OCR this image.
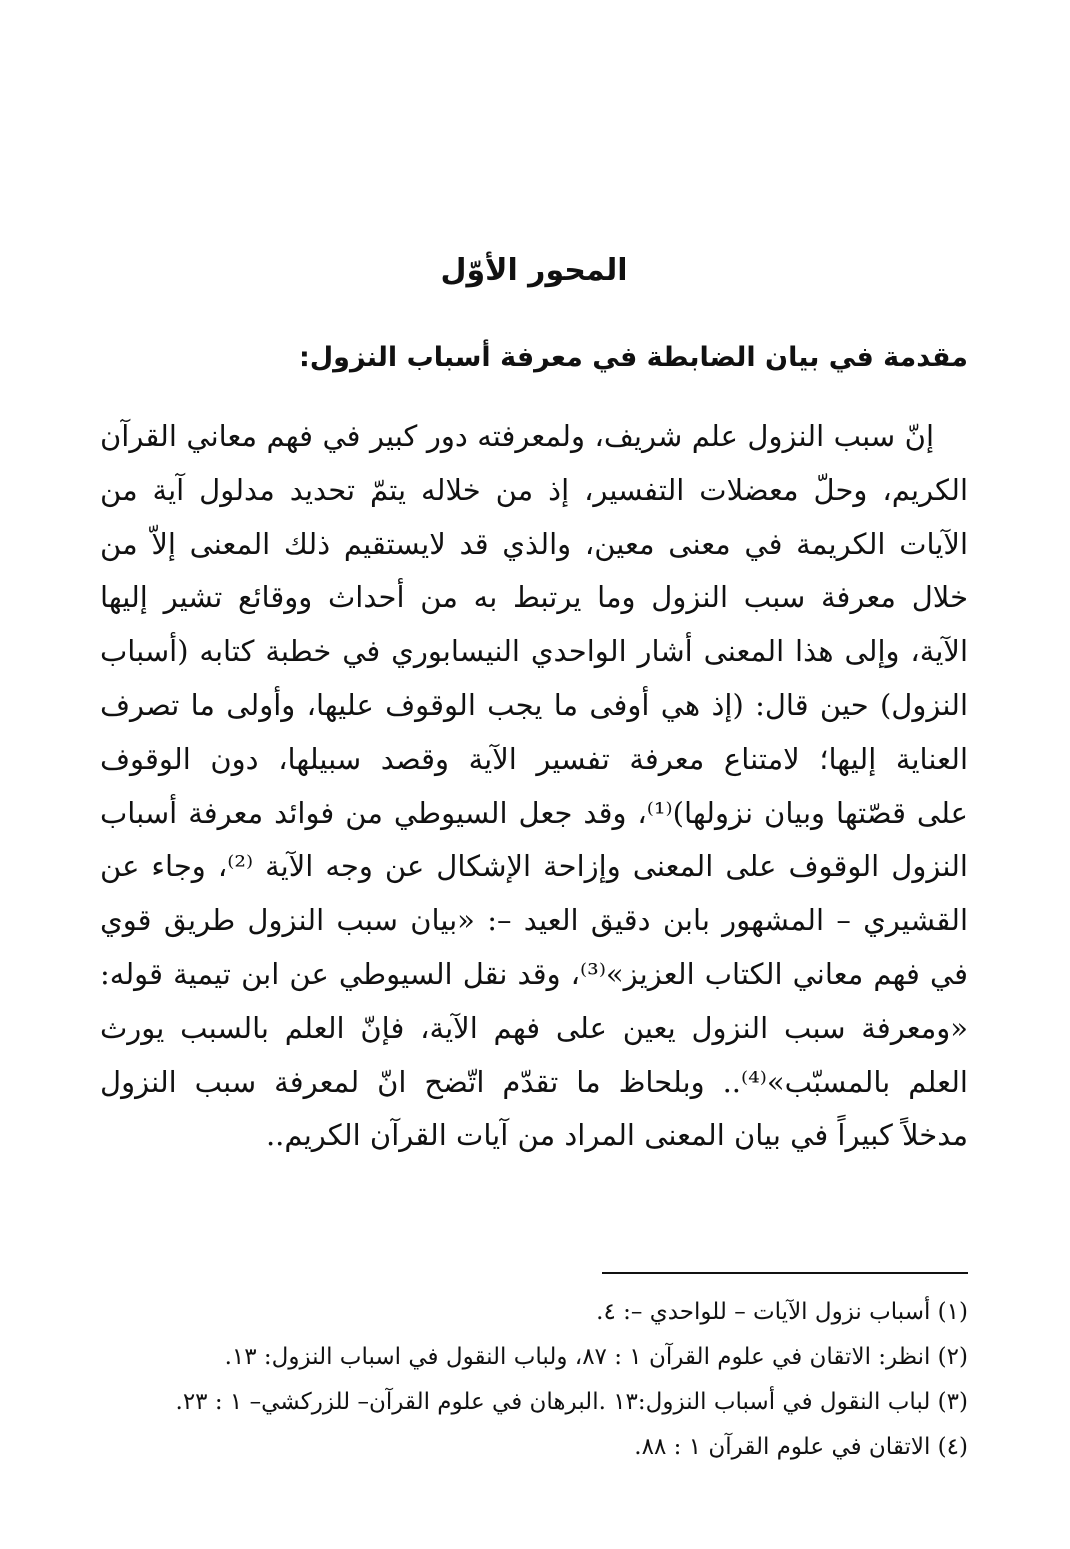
المحور الأوّل
مقدمة في بيان الضابطة في معرفة أسباب النزول:
إنّ سبب النزول علم شريف، ولمعرفته دور كبير في فهم معاني القرآن
الكريم، وحلّ معضلات التفسير، إذ من خلاله يتمّ تحديد مدلول آية من
الآيات الكريمة في معنى معين، والذي قد لايستقيم ذلك المعنى إلاّ من
خلال معرفة سبب النزول وما يرتبط به من أحداث ووقائع تشير إليها
الآية، وإلى هذا المعنى أشار الواحدي النيسابوري في خطبة كتابه (أسباب
النزول) حين قال: (إذ هي أوفى ما يجب الوقوف عليها، وأولى ما تصرف
العناية إليها؛ لامتناع معرفة تفسير الآية وقصد سبيلها، دون الوقوف
على قصّتها وبيان نزولها)⁽¹⁾، وقد جعل السيوطي من فوائد معرفة أسباب
النزول الوقوف على المعنى وإزاحة الإشكال عن وجه الآية ⁽²⁾، وجاء عن
القشيري – المشهور بابن دقيق العيد –: «بيان سبب النزول طريق قوي
في فهم معاني الكتاب العزيز»⁽³⁾، وقد نقل السيوطي عن ابن تيمية قوله:
«ومعرفة سبب النزول يعين على فهم الآية، فإنّ العلم بالسبب يورث
العلم بالمسبّب»⁽⁴⁾.. وبلحاظ ما تقدّم اتّضح انّ لمعرفة سبب النزول
مدخلاً كبيراً في بيان المعنى المراد من آيات القرآن الكريم..
(١) أسباب نزول الآيات – للواحدي –: ٤.
(٢) انظر: الاتقان في علوم القرآن ١ : ٨٧، ولباب النقول في اسباب النزول: ١٣.
(٣) لباب النقول في أسباب النزول:١٣ .البرهان في علوم القرآن– للزركشي– ١ : ٢٣.
(٤) الاتقان في علوم القرآن ١ : ٨٨.
